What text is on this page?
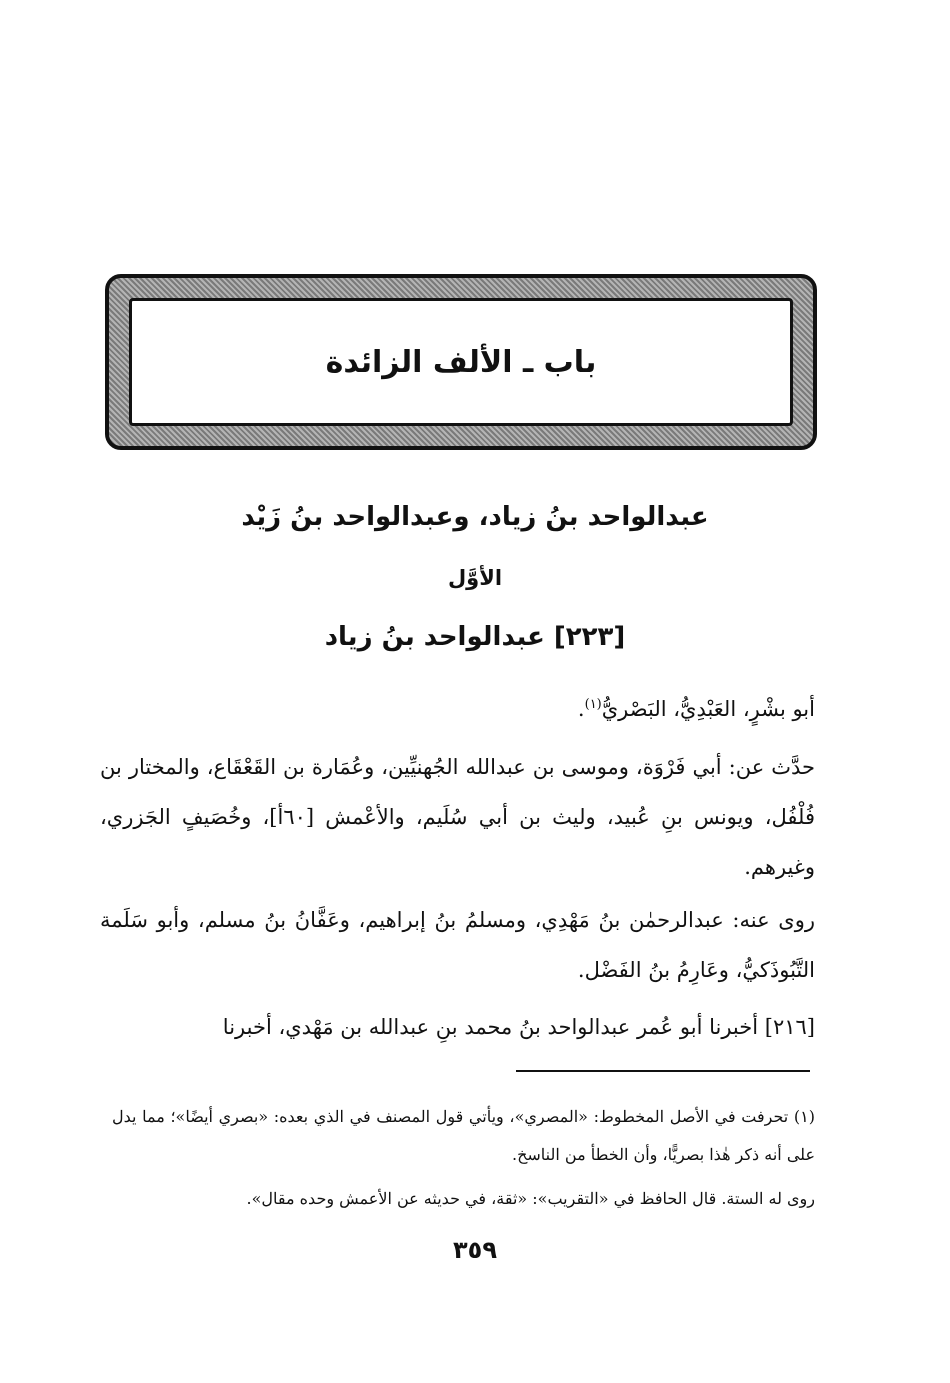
باب ـ الألف الزائدة
عبدالواحد بنُ زياد، وعبدالواحد بنُ زَيْد
الأوَّل
[٢٢٣] عبدالواحد بنُ زياد

أبو بشْرٍ، العَبْدِيُّ، البَصْريُّ$^{(١)}$.

حدَّث عن: أبي فَرْوَة، وموسى بن عبدالله الجُهنيِّين، وعُمَارة بن القَعْقَاع، والمختار بن فُلْفُل، ويونس بنِ عُبيد، وليث بن أبي سُلَيم، والأعْمش [٦٠أ]، وخُصَيفٍ الجَزري، وغيرهم.

روى عنه: عبدالرحمٰن بنُ مَهْدِي، ومسلمُ بنُ إبراهيم، وعَفَّانُ بنُ مسلم، وأبو سَلَمة التَّبُوذَكيُّ، وعَارِمُ بنُ الفَضْل.

[٢١٦] أخبرنا أبو عُمر عبدالواحد بنُ محمد بنِ عبدالله بن مَهْدي، أخبرنا

(١) تحرفت في الأصل المخطوط: «المصري»، ويأتي قول المصنف في الذي بعده: «بصري أيضًا»؛ مما يدل على أنه ذكر هٰذا بصريًّا، وأن الخطأ من الناسخ.

روى له الستة. قال الحافظ في «التقريب»: «ثقة، في حديثه عن الأعمش وحده مقال».

٣٥٩
